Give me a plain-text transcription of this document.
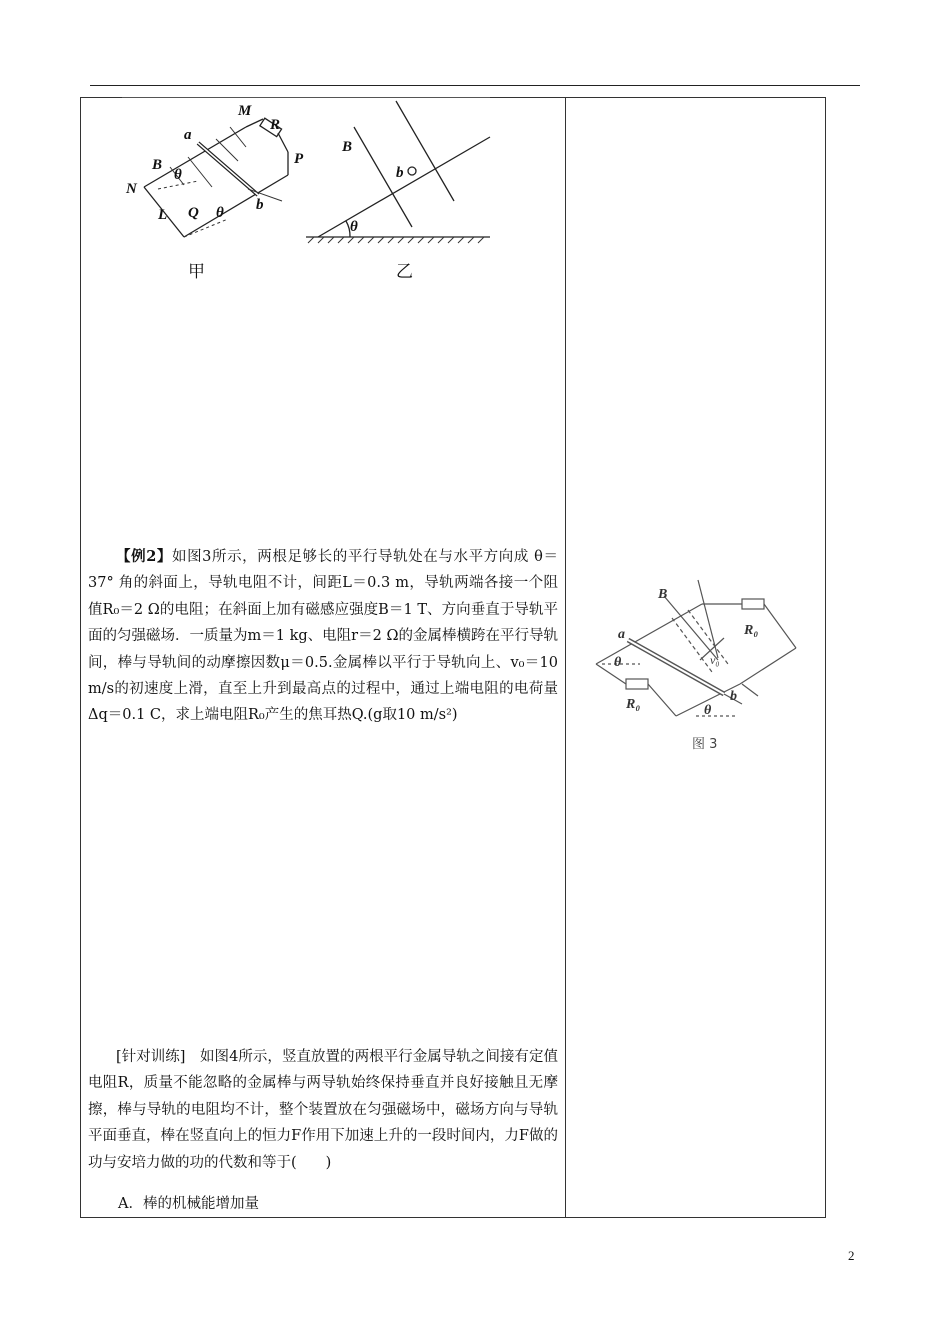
M
R
P
a
b
B
N
L Q
θ
θ
B
b
θ
甲	乙
【例2】如图3所示，两根足够长的平行导轨处在与水平方向成 θ＝37° 角的斜面上，导轨电阻不计，间距L＝0.3 m，导轨两端各接一个阻值R₀＝2 Ω的电阻；在斜面上加有磁感应强度B＝1 T、方向垂直于导轨平面的匀强磁场．一质量为m＝1 kg、电阻r＝2 Ω的金属棒横跨在平行导轨间，棒与导轨间的动摩擦因数μ＝0.5.金属棒以平行于导轨向上、v₀＝10 m/s的初速度上滑，直至上升到最高点的过程中，通过上端电阻的电荷量 Δq＝0.1 C，求上端电阻R₀产生的焦耳热Q.(g取10 m/s²)
[针对训练]　如图4所示，竖直放置的两根平行金属导轨之间接有定值电阻R，质量不能忽略的金属棒与两导轨始终保持垂直并良好接触且无摩擦，棒与导轨的电阻均不计，整个装置放在匀强磁场中，磁场方向与导轨平面垂直，棒在竖直向上的恒力F作用下加速上升的一段时间内，力F做的功与安培力做的功的代数和等于(　　)
A．棒的机械能增加量
B
R₀
R₀
a
b
v₀
θ
θ
图 3
2
